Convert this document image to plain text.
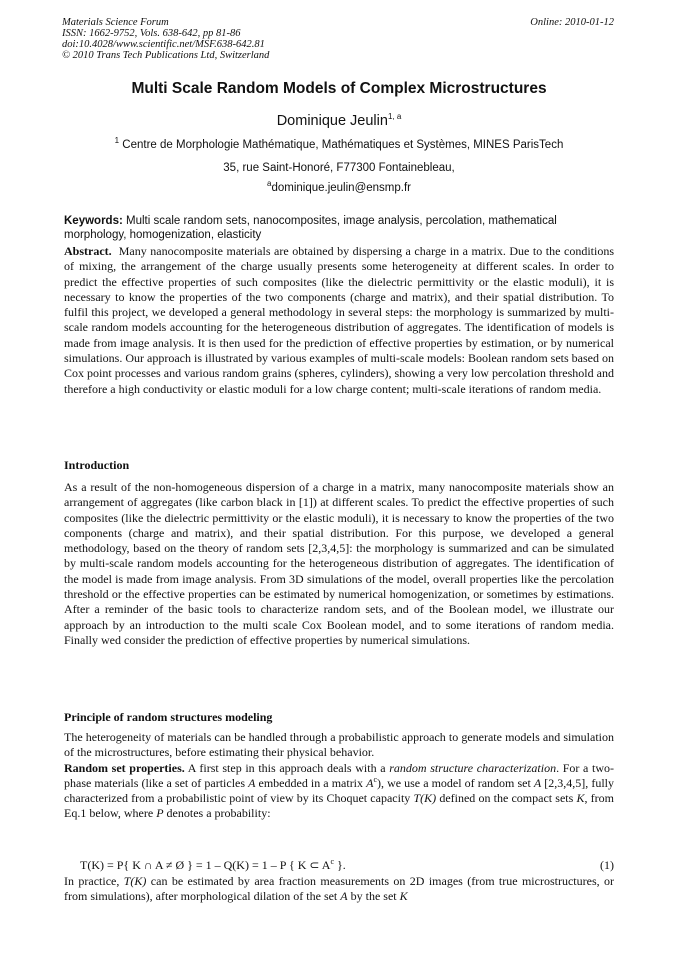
Materials Science Forum
ISSN: 1662-9752, Vols. 638-642, pp 81-86
doi:10.4028/www.scientific.net/MSF.638-642.81
© 2010 Trans Tech Publications Ltd, Switzerland
Online: 2010-01-12
Multi Scale Random Models of Complex Microstructures
Dominique Jeulin$^{1, a}$
$^1$ Centre de Morphologie Mathématique, Mathématiques et Systèmes, MINES ParisTech
35, rue Saint-Honoré, F77300 Fontainebleau,
$^a$dominique.jeulin@ensmp.fr
Keywords: Multi scale random sets, nanocomposites, image analysis, percolation, mathematical morphology, homogenization, elasticity
Abstract. Many nanocomposite materials are obtained by dispersing a charge in a matrix. Due to the conditions of mixing, the arrangement of the charge usually presents some heterogeneity at different scales. In order to predict the effective properties of such composites (like the dielectric permittivity or the elastic moduli), it is necessary to know the properties of the two components (charge and matrix), and their spatial distribution. To fulfil this project, we developed a general methodology in several steps: the morphology is summarized by multi-scale random models accounting for the heterogeneous distribution of aggregates. The identification of models is made from image analysis. It is then used for the prediction of effective properties by estimation, or by numerical simulations. Our approach is illustrated by various examples of multi-scale models: Boolean random sets based on Cox point processes and various random grains (spheres, cylinders), showing a very low percolation threshold and therefore a high conductivity or elastic moduli for a low charge content; multi-scale iterations of random media.
Introduction
As a result of the non-homogeneous dispersion of a charge in a matrix, many nanocomposite materials show an arrangement of aggregates (like carbon black in [1]) at different scales. To predict the effective properties of such composites (like the dielectric permittivity or the elastic moduli), it is necessary to know the properties of the two components (charge and matrix), and their spatial distribution. For this purpose, we developed a general methodology, based on the theory of random sets [2,3,4,5]: the morphology is summarized and can be simulated by multi-scale random models accounting for the heterogeneous distribution of aggregates. The identification of the model is made from image analysis. From 3D simulations of the model, overall properties like the percolation threshold or the effective properties can be estimated by numerical homogenization, or sometimes by estimations. After a reminder of the basic tools to characterize random sets, and of the Boolean model, we illustrate our approach by an introduction to the multi scale Cox Boolean model, and to some iterations of random media. Finally wed consider the prediction of effective properties by numerical simulations.
Principle of random structures modeling
The heterogeneity of materials can be handled through a probabilistic approach to generate models and simulation of the microstructures, before estimating their physical behavior.
Random set properties. A first step in this approach deals with a random structure characterization. For a two-phase materials (like a set of particles A embedded in a matrix $A^c$), we use a model of random set A [2,3,4,5], fully characterized from a probabilistic point of view by its Choquet capacity T(K) defined on the compact sets K, from Eq.1 below, where P denotes a probability:
T(K) = P{ K ∩ A ≠ Ø } = 1 – Q(K) = 1 – P { K ⊂ $A^c$ }.	(1)
In practice, T(K) can be estimated by area fraction measurements on 2D images (from true microstructures, or from simulations), after morphological dilation of the set A by the set K
